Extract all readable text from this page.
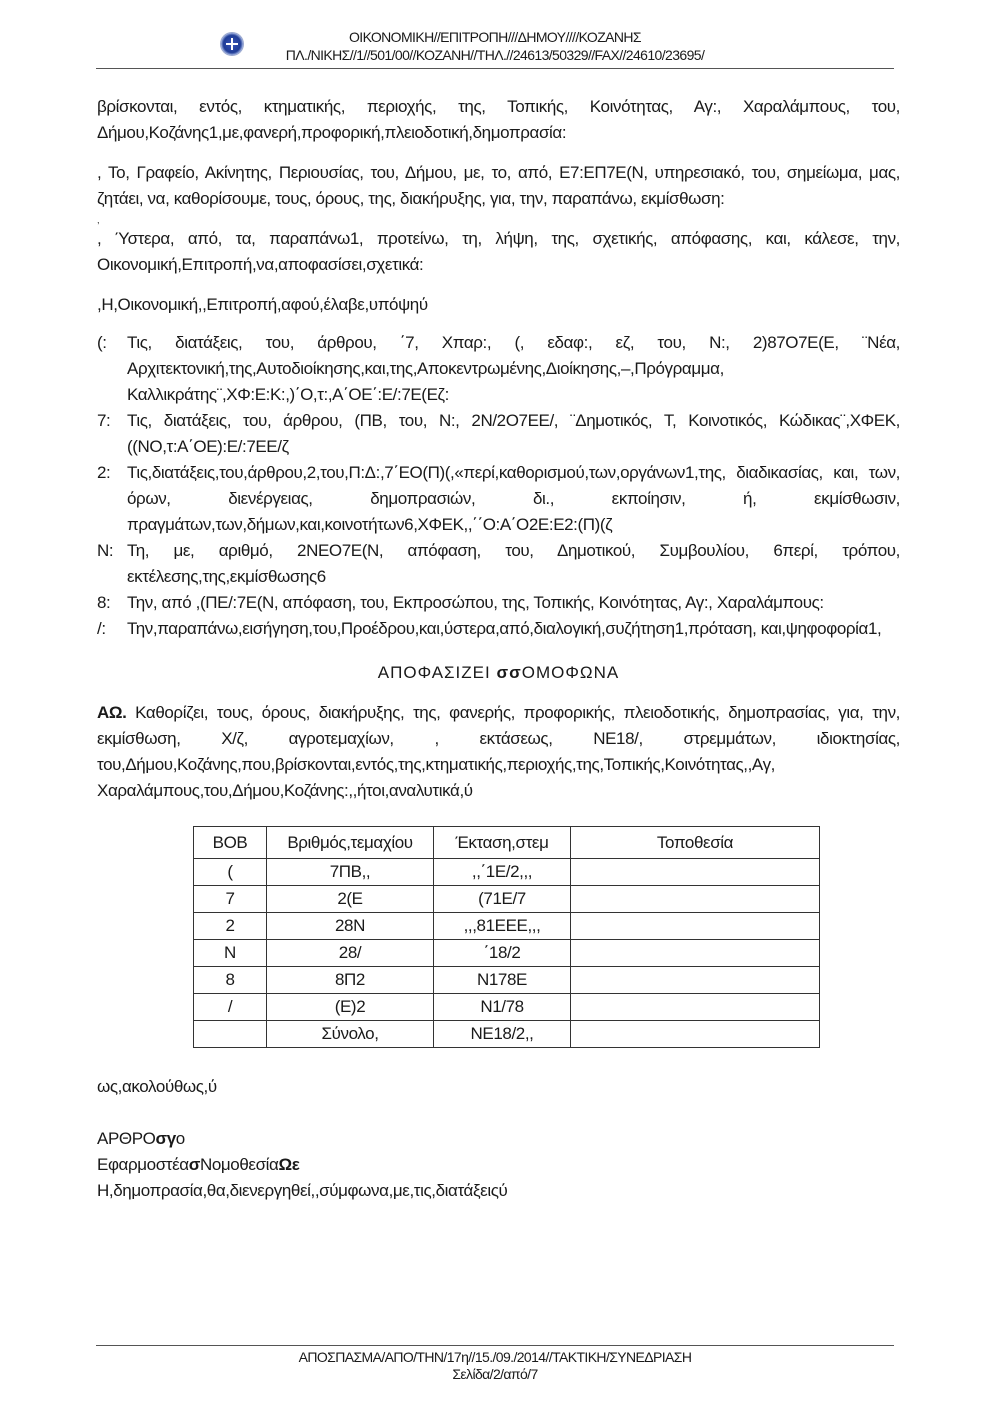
ΟΙΚΟΝΟΜΙΚΗ//ΕΠΙΤΡΟΠΗ///ΔΗΜΟΥ////ΚΟΖΑΝΗΣ
ΠΛ./ΝΙΚΗΣ//1//501/00//ΚΟΖΑΝΗ//ΤΗΛ.//24613/50329//FAX//24610/23695/

βρίσκονται, εντός, κτηματικής, περιοχής, της, Τοπικής, Κοινότητας, Αγ:, Χαραλάμπους, του, Δήμου,Κοζάνης1,με,φανερή,προφορική,πλειοδοτική,δημοπρασία:

, Το, Γραφείο, Ακίνητης, Περιουσίας, του, Δήμου, με, το, από, Ε7:ΕΠ7Ε(Ν, υπηρεσιακό, του, σημείωμα, μας, ζητάει, να, καθορίσουμε, τους, όρους, της, διακήρυξης, για, την, παραπάνω, εκμίσθωση:

,

, Ύστερα, από, τα, παραπάνω1, προτείνω, τη, λήψη, της, σχετικής, απόφασης, και, κάλεσε, την, Οικονομική,Επιτροπή,να,αποφασίσει,σχετικά:

,Η,Οικονομική,,Επιτροπή,αφού,έλαβε,υπόψηύ

(: Τις, διατάξεις, του, άρθρου, ΄7, Χπαρ:, (, εδαφ:, εζ, του, Ν:, 2)87Ο7Ε(Ε, ¨Νέα, Αρχιτεκτονική,της,Αυτοδιοίκησης,και,της,Αποκεντρωμένης,Διοίκησης,–,Πρόγραμμα, Καλλικράτης¨,ΧΦ:Ε:Κ:,)΄Ο,τ:,Α΄ΟΕ΄:Ε/:7Ε(Εζ:
7: Τις, διατάξεις, του, άρθρου, (ΠΒ, του, Ν:, 2Ν/2Ο7ΕΕ/, ¨Δημοτικός, Τ, Κοινοτικός, Κώδικας¨,ΧΦΕΚ,((ΝΟ,τ:Α΄ΟΕ):Ε/:7ΕΕ/ζ
2: Τις,διατάξεις,του,άρθρου,2,του,Π:Δ:,7΄ΕΟ(Π)(,«περί,καθορισμού,των,οργάνων1,της, διαδικασίας, και, των, όρων, διενέργειας, δημοπρασιών, δι., εκποίησιν, ή, εκμίσθωσιν, πραγμάτων,των,δήμων,και,κοινοτήτων6,ΧΦΕΚ,,΄΄Ο:Α΄Ο2Ε:Ε2:(Π)(ζ
Ν: Τη, με, αριθμό, 2ΝΕΟ7Ε(Ν, απόφαση, του, Δημοτικού, Συμβουλίου, 6περί, τρόπου, εκτέλεσης,της,εκμίσθωσης6
8: Την, από ,(ΠΕ/:7Ε(Ν, απόφαση, του, Εκπροσώπου, της, Τοπικής, Κοινότητας, Αγ:, Χαραλάμπους:
/: Την,παραπάνω,εισήγηση,του,Προέδρου,και,ύστερα,από,διαλογική,συζήτηση1,πρόταση, και,ψηφοφορία1,
ΑΠΟΦΑΣΙΖΕΙ σσΟΜΟΦΩΝΑ

ΑΩ. Καθορίζει, τους, όρους, διακήρυξης, της, φανερής, προφορικής, πλειοδοτικής, δημοπρασίας, για, την, εκμίσθωση, Χ/ζ, αγροτεμαχίων, , εκτάσεως, ΝΕ18/, στρεμμάτων, ιδιοκτησίας, του,Δήμου,Κοζάνης,που,βρίσκονται,εντός,της,κτηματικής,περιοχής,της,Τοπικής,Κοινότητας,,Αγ, Χαραλάμπους,του,Δήμου,Κοζάνης:,,ήτοι,αναλυτικά,ύ

ΒΟΒ	Βριθμός,τεμαχίου	Έκταση,στεμ	Τοποθεσία
(	7ΠΒ,,	,,΄1Ε/2,,,	
7	2(Ε	(71Ε/7	
2	28Ν	,,,81ΕΕΕ,,,	
Ν	28/	΄18/2	
8	8Π2	Ν178Ε	
/	(Ε)2	Ν1/78	
	Σύνολο,	ΝΕ18/2,,	

ως,ακολούθως,ύ

ΑΡΘΡΟσγο
ΕφαρμοστέασΝομοθεσίαΩε
Η,δημοπρασία,θα,διενεργηθεί,,σύμφωνα,με,τις,διατάξειςύ
ΑΠΟΣΠΑΣΜΑ/ΑΠΟ/ΤΗΝ/17η//15./09./2014//ΤΑΚΤΙΚΗ/ΣΥΝΕΔΡΙΑΣΗ
Σελίδα/2/από/7
